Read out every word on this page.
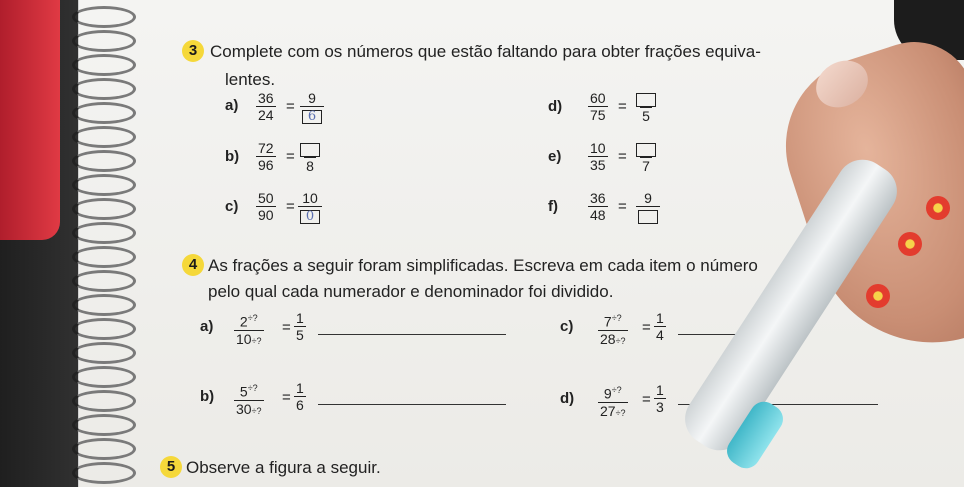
3 Complete com os números que estão faltando para obter frações equiva-
lentes.
$a) \frac{36}{24} = \frac{9}{6}$
$b) \frac{72}{96}$ =
8
$c) \frac{50}{90} = \frac{10}{0}$
$d) \frac{60}{75}$ =
5
$e) \frac{10}{35}$ =
7
$f) \frac{36}{48} = 9$
4 As frações a seguir foram simplificadas. Escreva em cada item o número
pelo qual cada numerador e denominador foi dividido.
$a) \frac{2^{\div?}}{10\div?} = \frac{1}{5}$
$b) \frac{5^{\div?}}{30\div?} = \frac{1}{6}$
$c) \frac{7^{\div?}}{28\div?} = \frac{1}{4}$
$d) \frac{9^{\div?}}{27\div?} = \frac{1}{3}$
5 Observe a figura a seguir.
